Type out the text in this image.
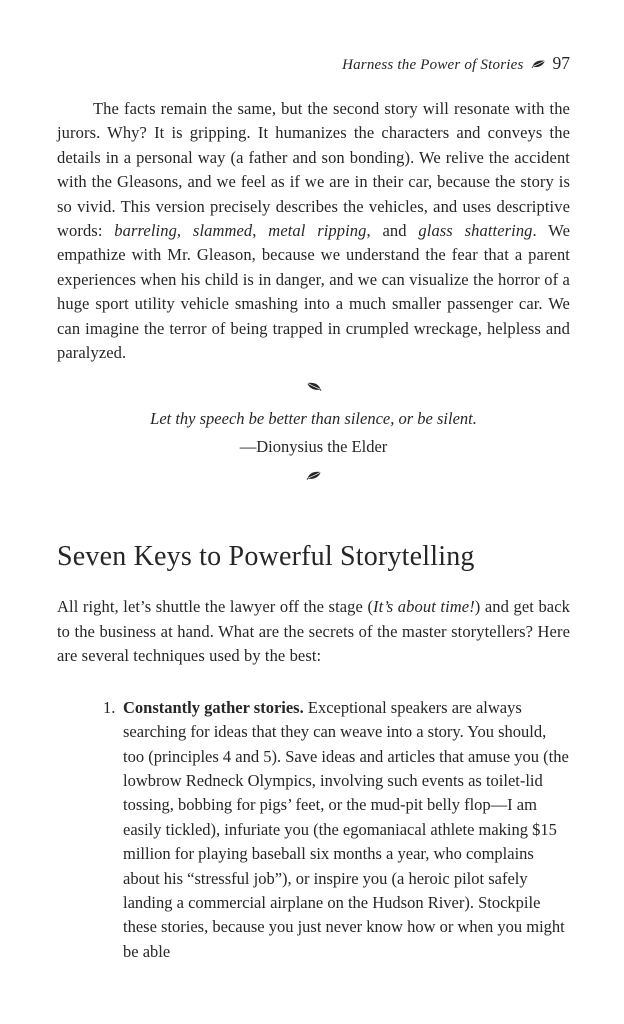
Harness the Power of Stories 97

The facts remain the same, but the second story will resonate with the jurors. Why? It is gripping. It humanizes the characters and conveys the details in a personal way (a father and son bonding). We relive the accident with the Gleasons, and we feel as if we are in their car, because the story is so vivid. This version precisely describes the vehicles, and uses descriptive words: barreling, slammed, metal ripping, and glass shattering. We empathize with Mr. Gleason, because we understand the fear that a parent experiences when his child is in danger, and we can visualize the horror of a huge sport utility vehicle smashing into a much smaller passenger car. We can imagine the terror of being trapped in crumpled wreckage, helpless and paralyzed.

Let thy speech be better than silence, or be silent.

—Dionysius the Elder

Seven Keys to Powerful Storytelling

All right, let’s shuttle the lawyer off the stage (It’s about time!) and get back to the business at hand. What are the secrets of the master storytellers? Here are several techniques used by the best:

1. Constantly gather stories. Exceptional speakers are always searching for ideas that they can weave into a story. You should, too (principles 4 and 5). Save ideas and articles that amuse you (the lowbrow Redneck Olympics, involving such events as toilet-lid tossing, bobbing for pigs’ feet, or the mud-pit belly flop—I am easily tickled), infuriate you (the egomaniacal athlete making $15 million for playing baseball six months a year, who complains about his “stressful job”), or inspire you (a heroic pilot safely landing a commercial airplane on the Hudson River). Stockpile these stories, because you just never know how or when you might be able
